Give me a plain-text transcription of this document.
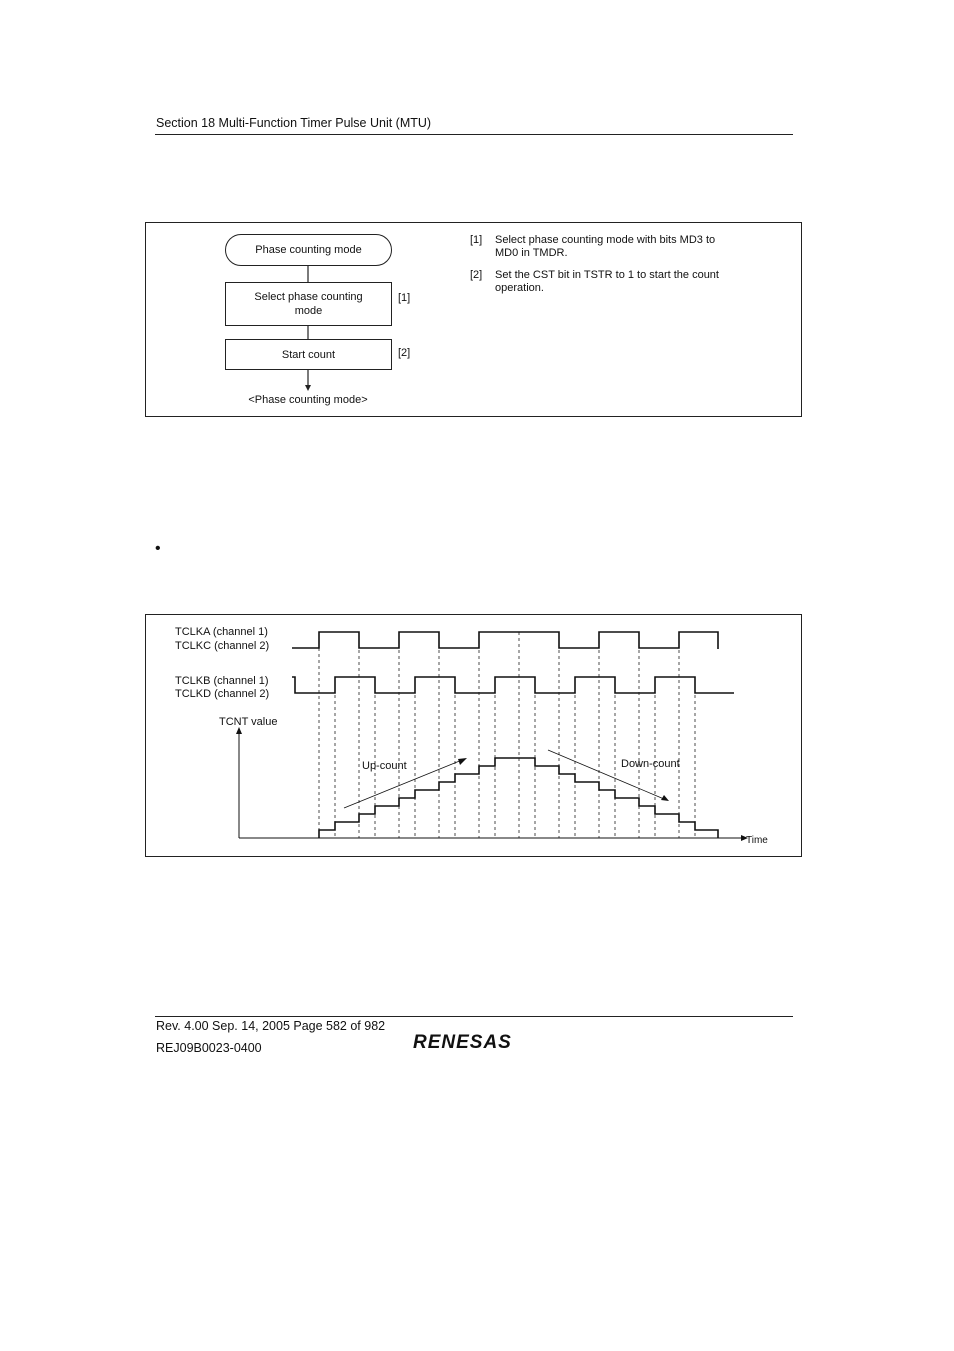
Section 18 Multi-Function Timer Pulse Unit (MTU)
Phase counting mode
Select phase counting mode
[1]
Start count	[2]
<Phase counting mode>
[1] Select phase counting mode with bits MD3 to MD0 in TMDR.
[2] Set the CST bit in TSTR to 1 to start the count operation.
•
TCLKA (channel 1)
TCLKC (channel 2)
TCLKB (channel 1)
TCLKD (channel 2)
TCNT value
Time
Up-count	Down-count
Rev. 4.00 Sep. 14, 2005 Page 582 of 982
REJ09B0023-0400	RENESAS
